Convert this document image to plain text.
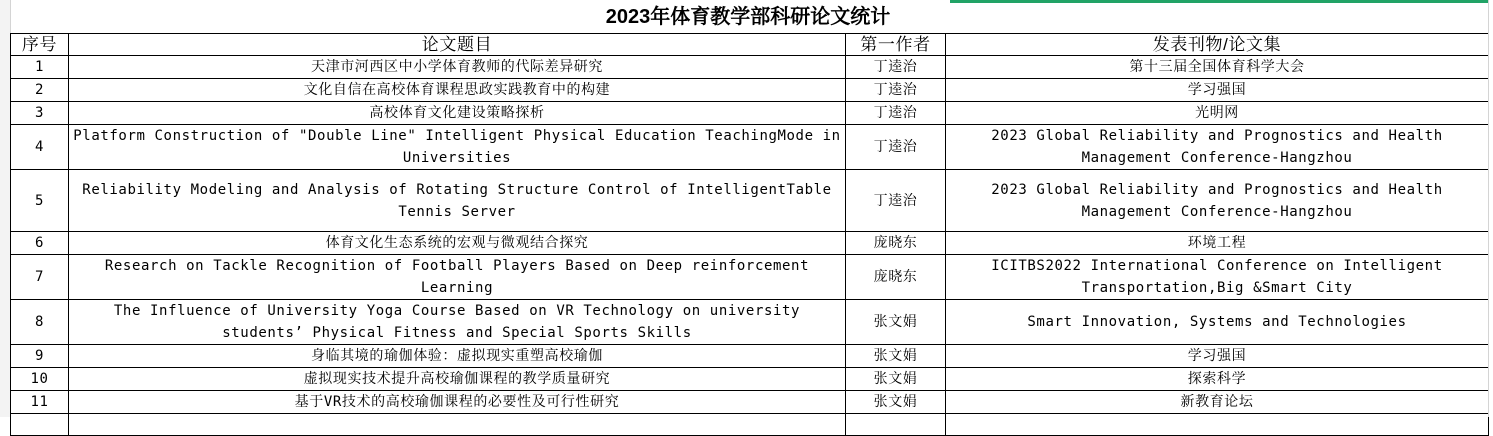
2023年体育教学部科研论文统计
序号	论文题目	第一作者	发表刊物/论文集
1	天津市河西区中小学体育教师的代际差异研究	丁逵治	第十三届全国体育科学大会
2	文化自信在高校体育课程思政实践教育中的构建	丁逵治	学习强国
3	高校体育文化建设策略探析	丁逵治	光明网
4	Platform Construction of "Double Line" Intelligent Physical Education TeachingMode in Universities	丁逵治	2023 Global Reliability and Prognostics and Health Management Conference-Hangzhou
5	Reliability Modeling and Analysis of Rotating Structure Control of IntelligentTable Tennis Server	丁逵治	2023 Global Reliability and Prognostics and Health Management Conference-Hangzhou
6	体育文化生态系统的宏观与微观结合探究	庞晓东	环境工程
7	Research on Tackle Recognition of Football Players Based on Deep reinforcement Learning	庞晓东	ICITBS2022 International Conference on Intelligent Transportation,Big &Smart City
8	The Influence of University Yoga Course Based on VR Technology on university students’ Physical Fitness and Special Sports Skills	张文娟	Smart Innovation, Systems and Technologies
9	身临其境的瑜伽体验：虚拟现实重塑高校瑜伽	张文娟	学习强国
10	虚拟现实技术提升高校瑜伽课程的教学质量研究	张文娟	探索科学
11	基于VR技术的高校瑜伽课程的必要性及可行性研究	张文娟	新教育论坛
